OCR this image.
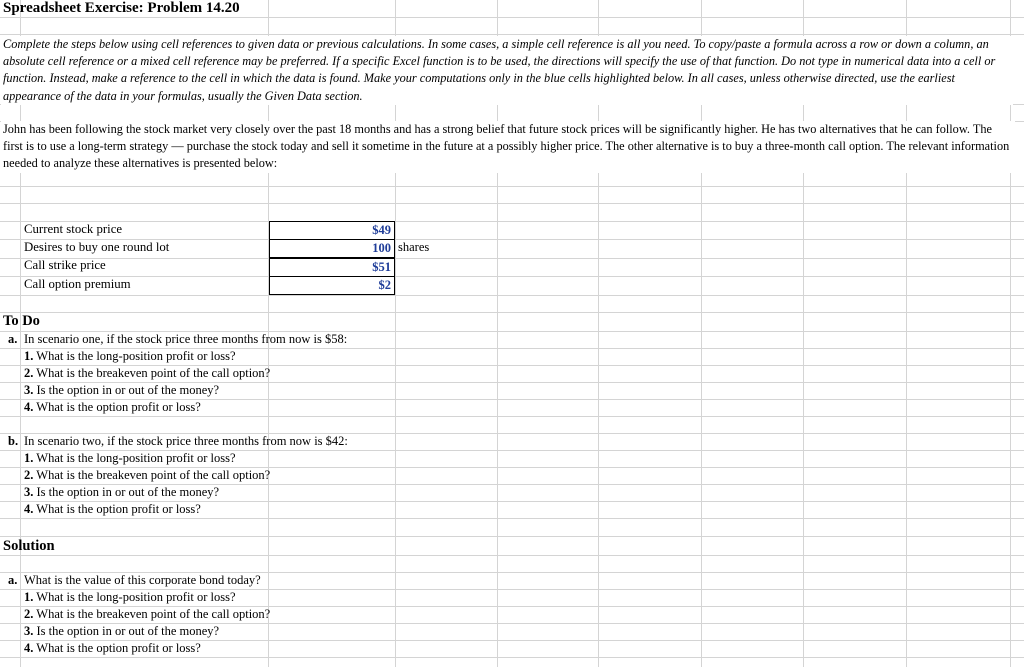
Spreadsheet Exercise: Problem 14.20
Complete the steps below using cell references to given data or previous calculations. In some cases, a simple cell reference is all you need. To copy/paste a formula across a row or down a column, an absolute cell reference or a mixed cell reference may be preferred. If a specific Excel function is to be used, the directions will specify the use of that function. Do not type in numerical data into a cell or function. Instead, make a reference to the cell in which the data is found. Make your computations only in the blue cells highlighted below. In all cases, unless otherwise directed, use the earliest appearance of the data in your formulas, usually the Given Data section.
John has been following the stock market very closely over the past 18 months and has a strong belief that future stock prices will be significantly higher. He has two alternatives that he can follow. The first is to use a long-term strategy — purchase the stock today and sell it sometime in the future at a possibly higher price. The other alternative is to buy a three-month call option. The relevant information needed to analyze these alternatives is presented below:
Current stock price
Desires to buy one round lot
Call strike price
Call option premium
$49
100
$51
$2
shares
To Do
a. In scenario one, if the stock price three months from now is $58:
1. What is the long-position profit or loss?
2. What is the breakeven point of the call option?
3. Is the option in or out of the money?
4. What is the option profit or loss?
b. In scenario two, if the stock price three months from now is $42:
1. What is the long-position profit or loss?
2. What is the breakeven point of the call option?
3. Is the option in or out of the money?
4. What is the option profit or loss?
Solution
a. What is the value of this corporate bond today?
1. What is the long-position profit or loss?
2. What is the breakeven point of the call option?
3. Is the option in or out of the money?
4. What is the option profit or loss?
